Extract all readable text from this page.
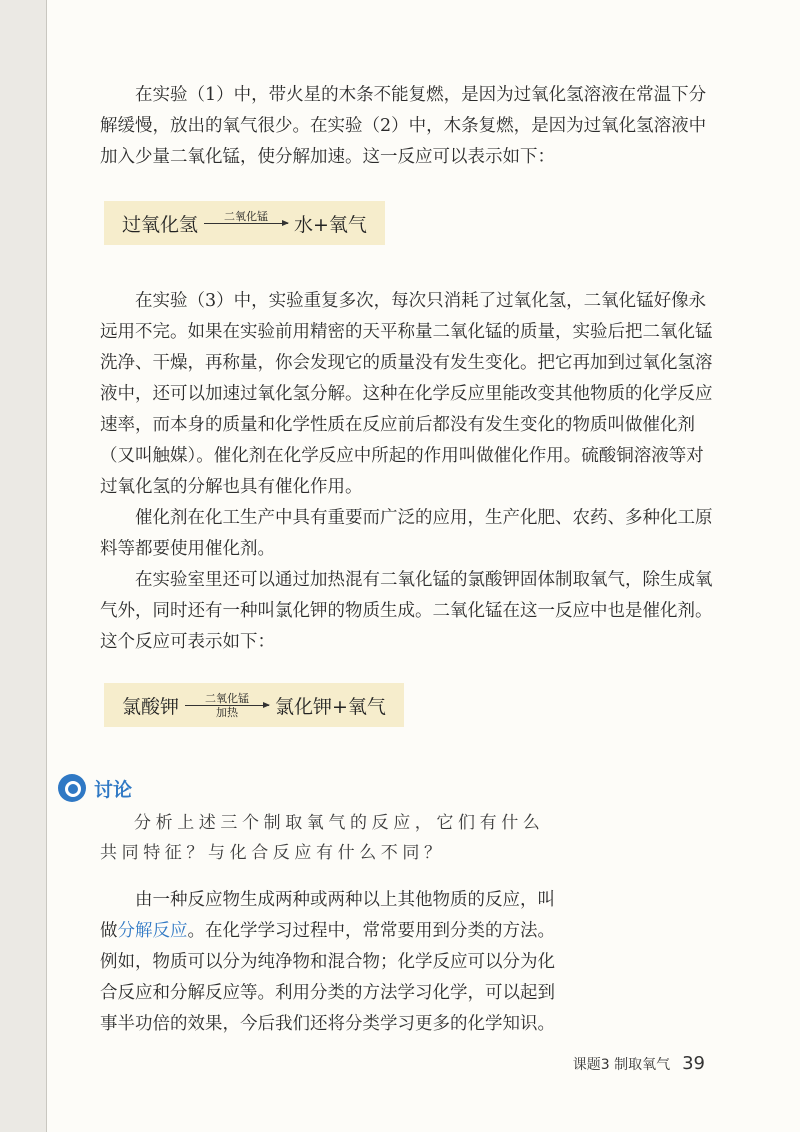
在实验（1）中，带火星的木条不能复燃，是因为过氧化氢溶液在常温下分解缓慢，放出的氧气很少。在实验（2）中，木条复燃，是因为过氧化氢溶液中加入少量二氧化锰，使分解加速。这一反应可以表示如下：

过氧化氢 二氧化锰
水+氧气

在实验（3）中，实验重复多次，每次只消耗了过氧化氢，二氧化锰好像永远用不完。如果在实验前用精密的天平称量二氧化锰的质量，实验后把二氧化锰洗净、干燥，再称量，你会发现它的质量没有发生变化。把它再加到过氧化氢溶液中，还可以加速过氧化氢分解。这种在化学反应里能改变其他物质的化学反应速率，而本身的质量和化学性质在反应前后都没有发生变化的物质叫做催化剂（又叫触媒）。催化剂在化学反应中所起的作用叫做催化作用。硫酸铜溶液等对过氧化氢的分解也具有催化作用。

催化剂在化工生产中具有重要而广泛的应用，生产化肥、农药、多种化工原料等都要使用催化剂。

在实验室里还可以通过加热混有二氧化锰的氯酸钾固体制取氧气，除生成氧气外，同时还有一种叫氯化钾的物质生成。二氧化锰在这一反应中也是催化剂。这个反应可表示如下：

氯酸钾 二氧化锰
加热 氯化钾+氧气
讨论

分析上述三个制取氧气的反应，它们有什么共同特征？与化合反应有什么不同？

由一种反应物生成两种或两种以上其他物质的反应，叫做分解反应。在化学学习过程中，常常要用到分类的方法。例如，物质可以分为纯净物和混合物；化学反应可以分为化合反应和分解反应等。利用分类的方法学习化学，可以起到事半功倍的效果，今后我们还将分类学习更多的化学知识。

课题3 制取氧气 39
